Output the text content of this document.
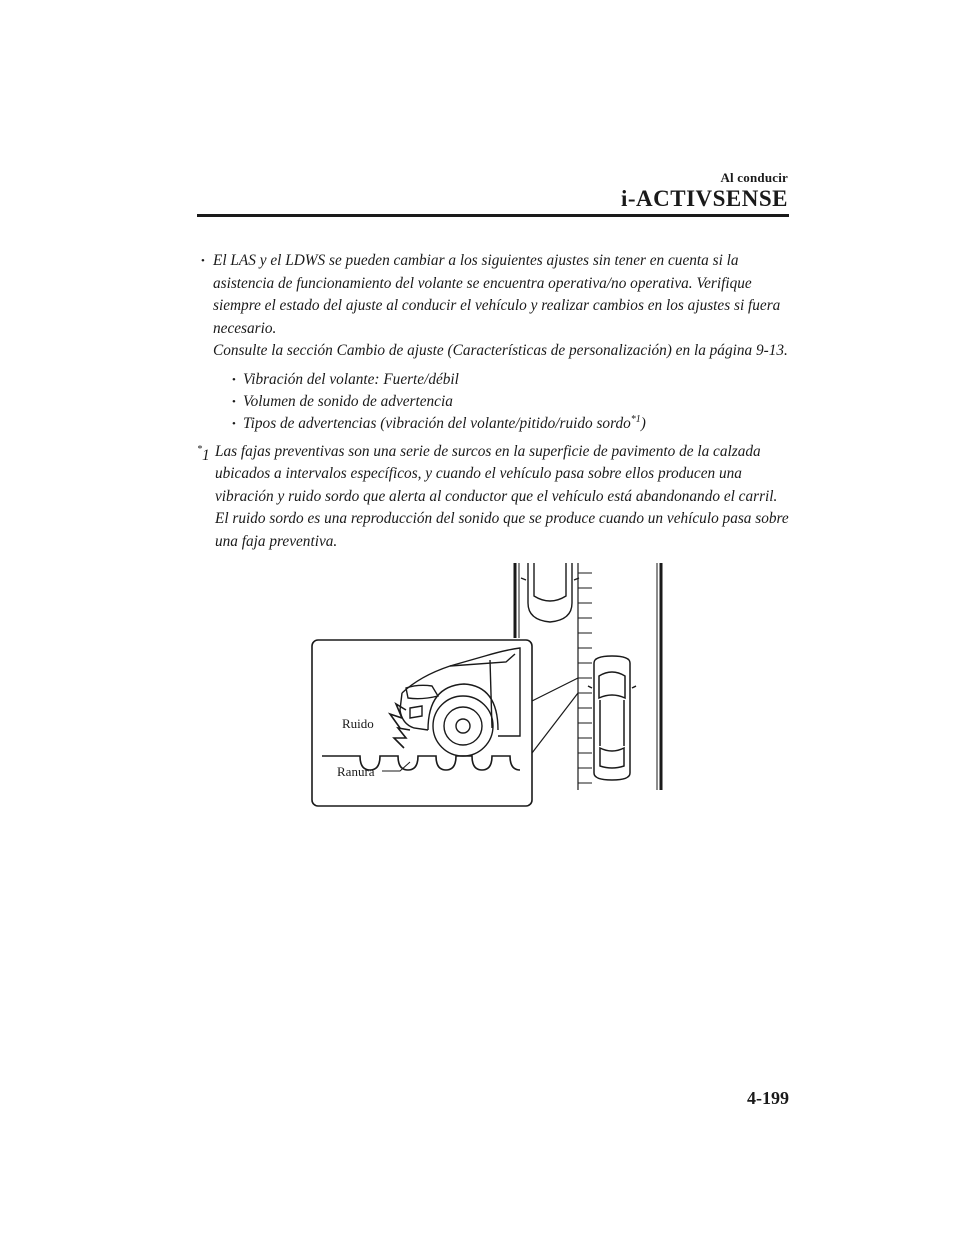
Al conducir
i-ACTIVSENSE
• El LAS y el LDWS se pueden cambiar a los siguientes ajustes sin tener en cuenta si la asistencia de funcionamiento del volante se encuentra operativa/no operativa. Verifique siempre el estado del ajuste al conducir el vehículo y realizar cambios en los ajustes si fuera necesario.

Consulte la sección Cambio de ajuste (Características de personalización) en la página 9-13.

• Vibración del volante: Fuerte/débil
• Volumen de sonido de advertencia
• Tipos de advertencias (vibración del volante/pitido/ruido sordo$^{*1}$)
*1 Las fajas preventivas son una serie de surcos en la superficie de pavimento de la calzada ubicados a intervalos específicos, y cuando el vehículo pasa sobre ellos producen una vibración y ruido sordo que alerta al conductor que el vehículo está abandonando el carril.

El ruido sordo es una reproducción del sonido que se produce cuando un vehículo pasa sobre una faja preventiva.

Ruido
Ranura
4-199
